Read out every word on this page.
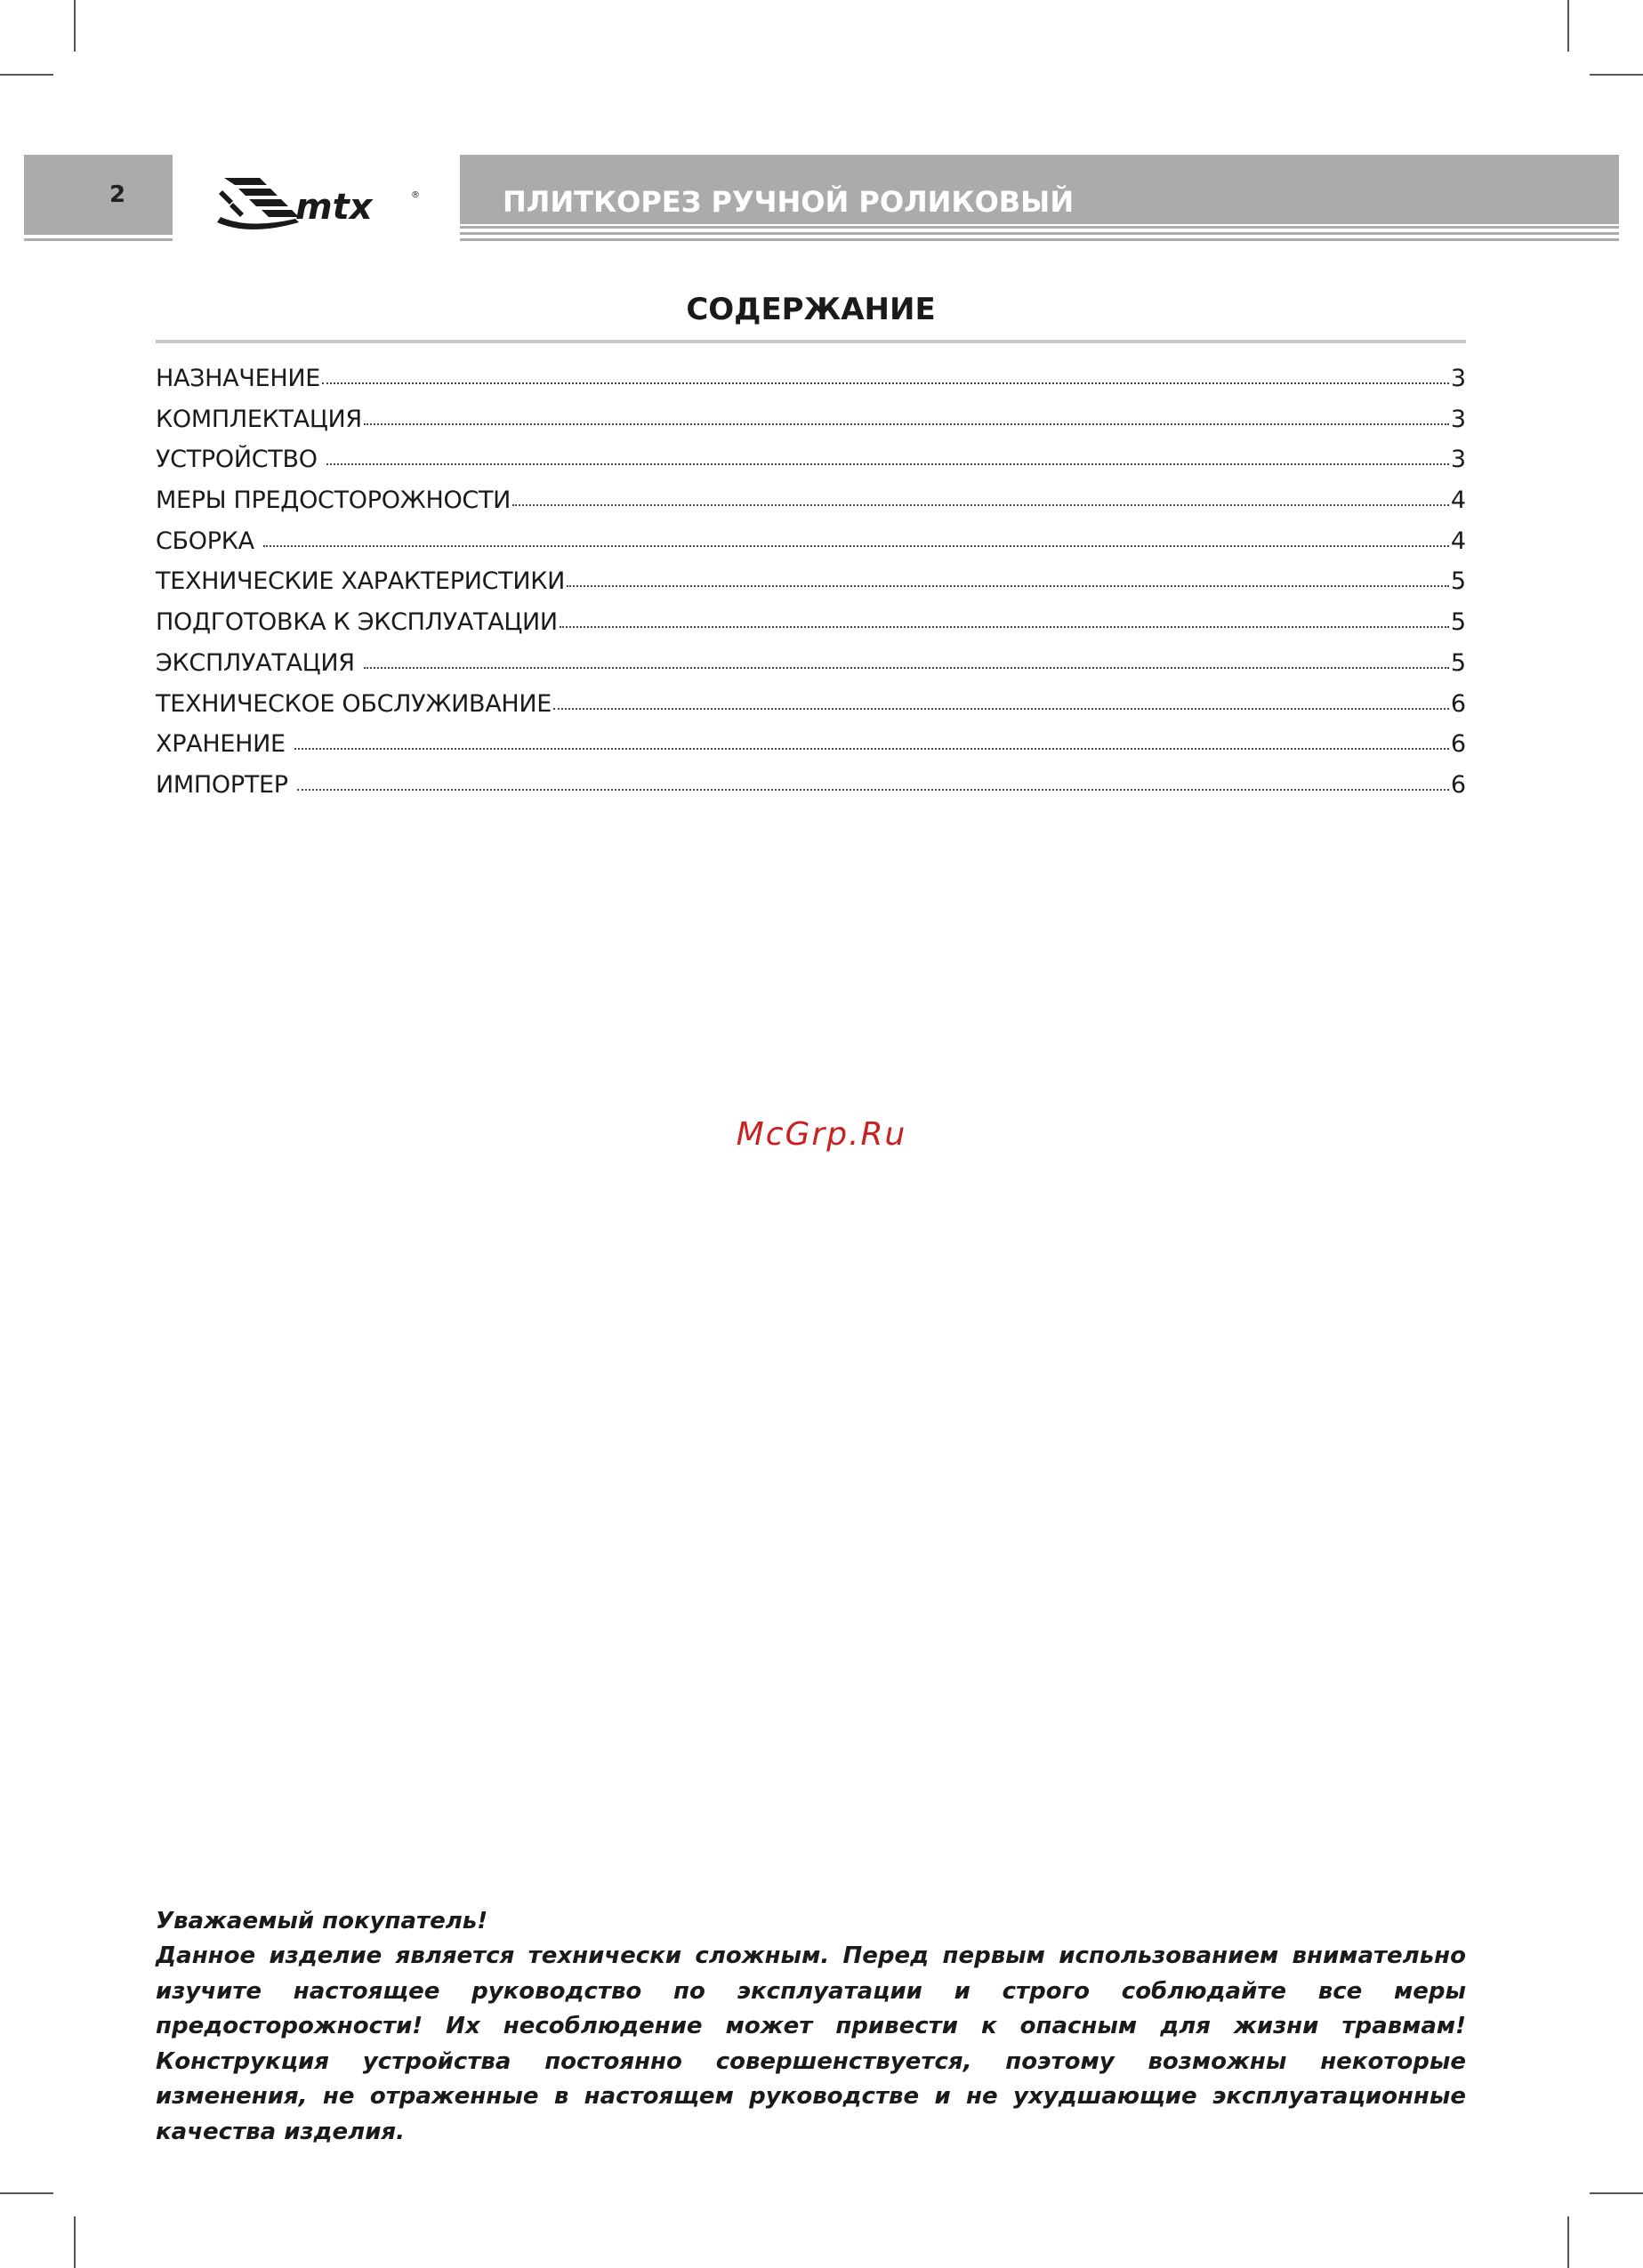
2	mtx	®	ПЛИТКОРЕЗ РУЧНОЙ РОЛИКОВЫЙ
СОДЕРЖАНИЕ
НАЗНАЧЕНИЕ	3
КОМПЛЕКТАЦИЯ	3
УСТРОЙСТВО	3
МЕРЫ ПРЕДОСТОРОЖНОСТИ	4
СБОРКА	4
ТЕХНИЧЕСКИЕ ХАРАКТЕРИСТИКИ	5
ПОДГОТОВКА К ЭКСПЛУАТАЦИИ	5
ЭКСПЛУАТАЦИЯ	5
ТЕХНИЧЕСКОЕ ОБСЛУЖИВАНИЕ	6
ХРАНЕНИЕ	6
ИМПОРТЕР	6
McGrp.Ru

Уважаемый покупатель!

Данное изделие является технически сложным. Перед первым использованием внимательно изучите настоящее руководство по эксплуатации и строго соблюдайте все меры предосторожности! Их несоблюдение может привести к опасным для жизни травмам! Конструкция устройства постоянно совершенствуется, поэтому возможны некоторые изменения, не отраженные в настоящем руководстве и не ухудшающие эксплуатационные качества изделия.
